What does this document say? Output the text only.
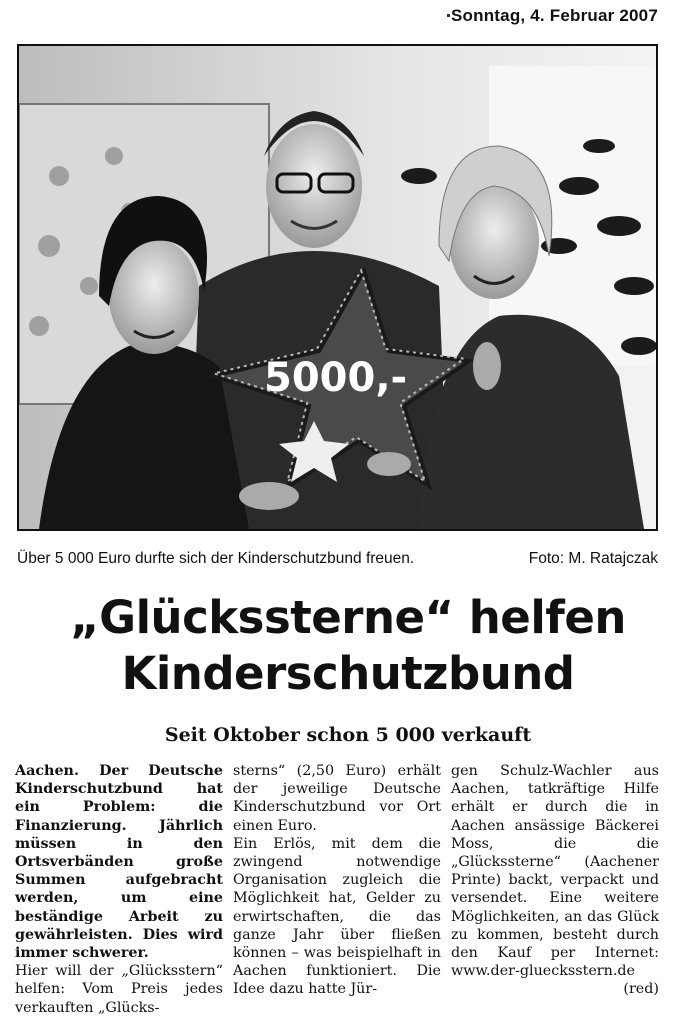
Sonntag, 4. Februar 2007
5000,-
Über 5 000 Euro durfte sich der Kinderschutzbund freuen.	Foto: M. Ratajczak
„Glückssterne“ helfen
Kinderschutzbund
Seit Oktober schon 5 000 verkauft

Aachen. Der Deutsche Kinderschutzbund hat ein Problem: die Finanzierung. Jährlich müssen in den Ortsverbänden große Summen aufgebracht werden, um eine beständige Arbeit zu gewährleisten. Dies wird immer schwerer.

Hier will der „Glücksstern“ helfen: Vom Preis jedes verkauften „Glücks-

sterns“ (2,50 Euro) erhält der jeweilige Deutsche Kinderschutzbund vor Ort einen Euro.

Ein Erlös, mit dem die zwingend notwendige Organisation zugleich die Möglichkeit hat, Gelder zu erwirtschaften, die das ganze Jahr über fließen können – was beispielhaft in Aachen funktioniert. Die Idee dazu hatte Jür-

gen Schulz-Wachler aus Aachen, tatkräftige Hilfe erhält er durch die in Aachen ansässige Bäckerei Moss, die die „Glückssterne“ (Aachener Printe) backt, verpackt und versendet. Eine weitere Möglichkeiten, an das Glück zu kommen, besteht durch den Kauf per Internet: www.der-gluecksstern.de

(red)
